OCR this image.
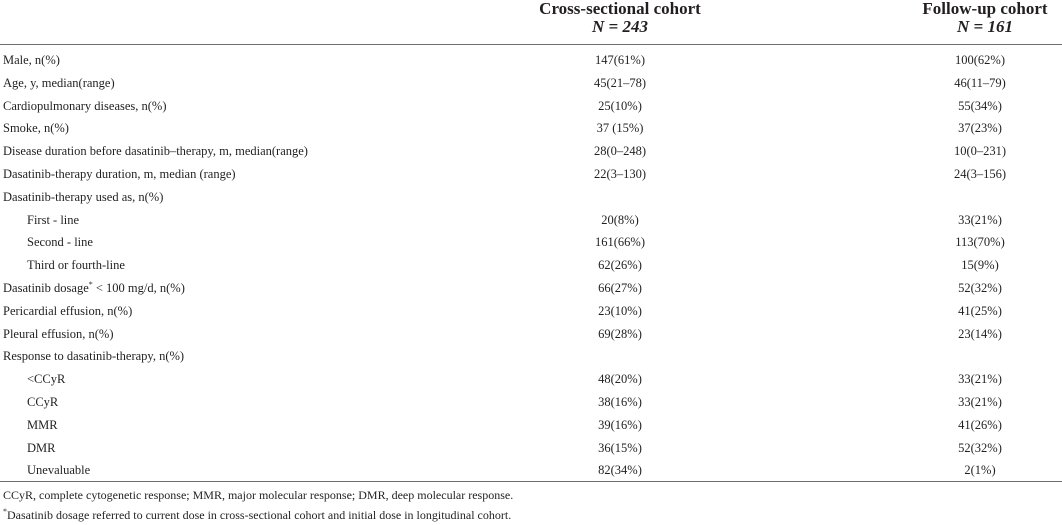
Cross-sectional cohort
N = 243
Follow-up cohort
N = 161
Male, n(%)	147(61%)	100(62%)
Age, y, median(range)	45(21–78)	46(11–79)
Cardiopulmonary diseases, n(%)	25(10%)	55(34%)
Smoke, n(%)	37 (15%)	37(23%)
Disease duration before dasatinib–therapy, m, median(range)	28(0–248)	10(0–231)
Dasatinib-therapy duration, m, median (range)	22(3–130)	24(3–156)
Dasatinib-therapy used as, n(%)
First - line	20(8%)	33(21%)
Second - line	161(66%)	113(70%)
Third or fourth-line	62(26%)	15(9%)
Dasatinib dosage* < 100 mg/d, n(%)	66(27%)	52(32%)
Pericardial effusion, n(%)	23(10%)	41(25%)
Pleural effusion, n(%)	69(28%)	23(14%)
Response to dasatinib-therapy, n(%)
<CCyR	48(20%)	33(21%)
CCyR	38(16%)	33(21%)
MMR	39(16%)	41(26%)
DMR	36(15%)	52(32%)
Unevaluable	82(34%)	2(1%)
CCyR, complete cytogenetic response; MMR, major molecular response; DMR, deep molecular response.
*Dasatinib dosage referred to current dose in cross-sectional cohort and initial dose in longitudinal cohort.
